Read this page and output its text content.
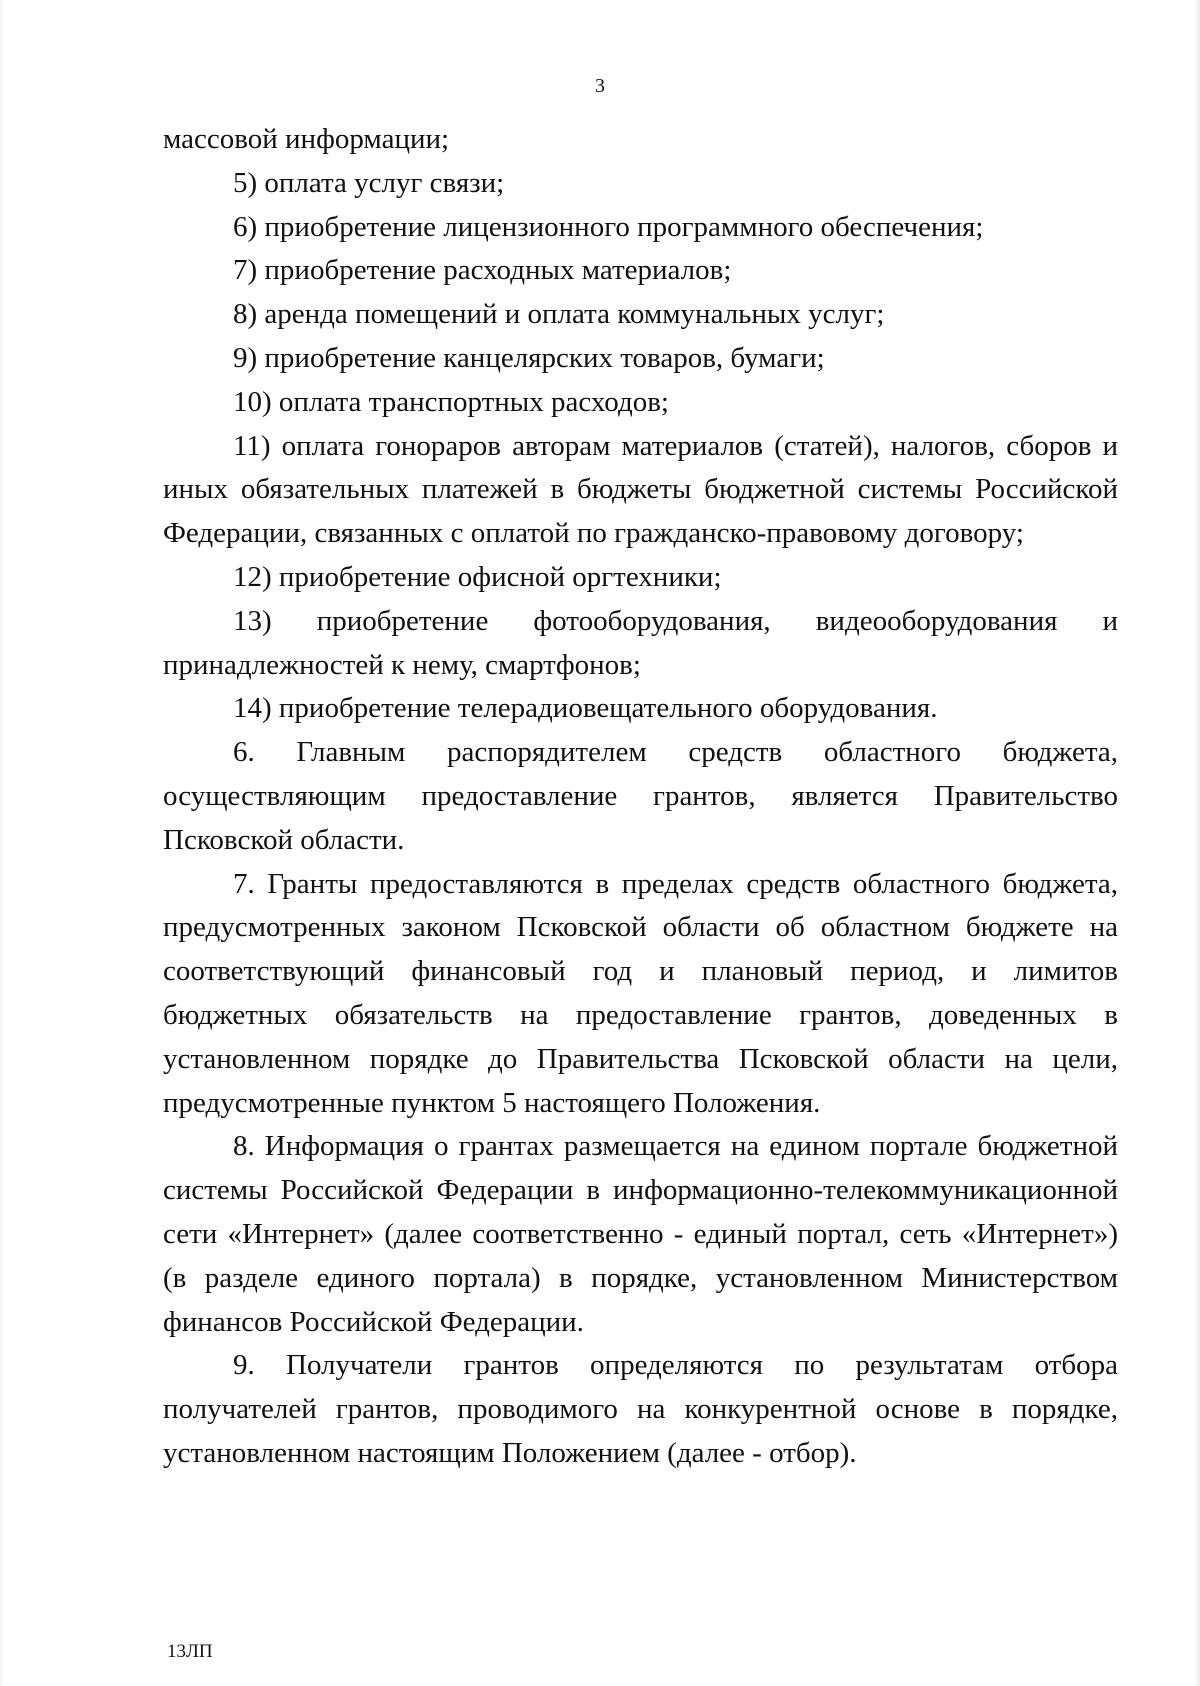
3

массовой информации;

5) оплата услуг связи;

6) приобретение лицензионного программного обеспечения;

7) приобретение расходных материалов;

8) аренда помещений и оплата коммунальных услуг;

9) приобретение канцелярских товаров, бумаги;

10) оплата транспортных расходов;

11) оплата гонораров авторам материалов (статей), налогов, сборов и иных обязательных платежей в бюджеты бюджетной системы Российской Федерации, связанных с оплатой по гражданско-правовому договору;

12) приобретение офисной оргтехники;

13) приобретение фотооборудования, видеооборудования и принадлежностей к нему, смартфонов;

14) приобретение телерадиовещательного оборудования.

6. Главным распорядителем средств областного бюджета, осуществляющим предоставление грантов, является Правительство Псковской области.

7. Гранты предоставляются в пределах средств областного бюджета, предусмотренных законом Псковской области об областном бюджете на соответствующий финансовый год и плановый период, и лимитов бюджетных обязательств на предоставление грантов, доведенных в установленном порядке до Правительства Псковской области на цели, предусмотренные пунктом 5 настоящего Положения.

8. Информация о грантах размещается на едином портале бюджетной системы Российской Федерации в информационно-телекоммуникационной сети «Интернет» (далее соответственно - единый портал, сеть «Интернет») (в разделе единого портала) в порядке, установленном Министерством финансов Российской Федерации.

9. Получатели грантов определяются по результатам отбора получателей грантов, проводимого на конкурентной основе в порядке, установленном настоящим Положением (далее - отбор).

13ЛП
